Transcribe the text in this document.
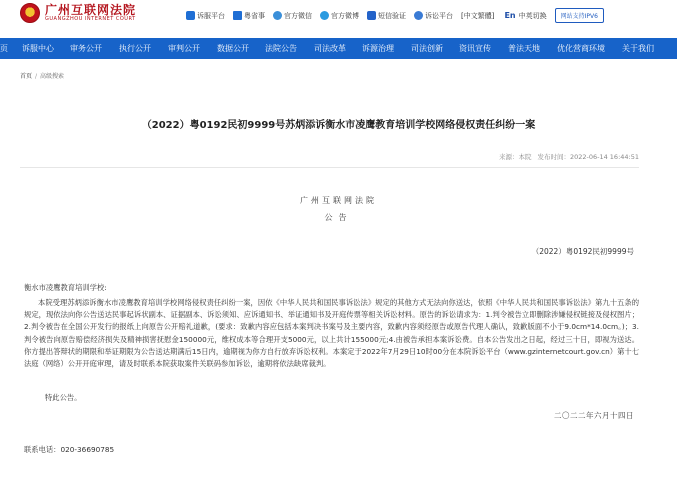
广州互联网法院
GUANGZHOU INTERNET COURT	诉服平台	粤省事	官方微信	官方微博	短信验证	诉讼平台 [中文繁體] En 中英切换	网站支持IPV6
页 诉服中心 审务公开 执行公开 审判公开 数据公开 法院公告 司法改革 诉源治理 司法创新 资讯宣传 普法天地 优化营商环境 关于我们
首页 / 高级搜索
（2022）粤0192民初9999号苏炳添诉衡水市凌鹰教育培训学校网络侵权责任纠纷一案
来源：本院 发布时间：2022-06-14 16:44:51
广州互联网法院
公告
（2022）粤0192民初9999号
衡水市凌鹰教育培训学校:
本院受理苏炳添诉衡水市凌鹰教育培训学校网络侵权责任纠纷一案，因依《中华人民共和国民事诉讼法》规定的其他方式无法向你送达，依照《中华人民共和国民事诉讼法》第九十五条的规定，现依法向你公告送达民事起诉状副本、证据副本、诉讼须知、应诉通知书、举证通知书及开庭传票等相关诉讼材料。原告的诉讼请求为：1.判令被告立即删除涉嫌侵权链接及侵权图片；2.判令被告在全国公开发行的报纸上向原告公开赔礼道歉，(要求：致歉内容应包括本案判决书案号及主要内容，致歉内容须经原告或原告代理人确认，致歉版面不小于9.0cm*14.0cm。)；3.判令被告向原告赔偿经济损失及精神损害抚慰金150000元，维权成本等合理开支5000元，以上共计155000元;4.由被告承担本案诉讼费。自本公告发出之日起，经过三十日，即视为送达。你方提出答辩状的期限和举证期限为公告送达期满后15日内，逾期视为你方自行放弃诉讼权利。本案定于2022年7月29日10时00分在本院诉讼平台（www.gzinternetcourt.gov.cn）第十七法庭（网络）公开开庭审理，请及时联系本院获取案件关联码参加诉讼，逾期将依法缺席裁判。
特此公告。
二〇二二年六月十四日
联系电话：020-36690785
